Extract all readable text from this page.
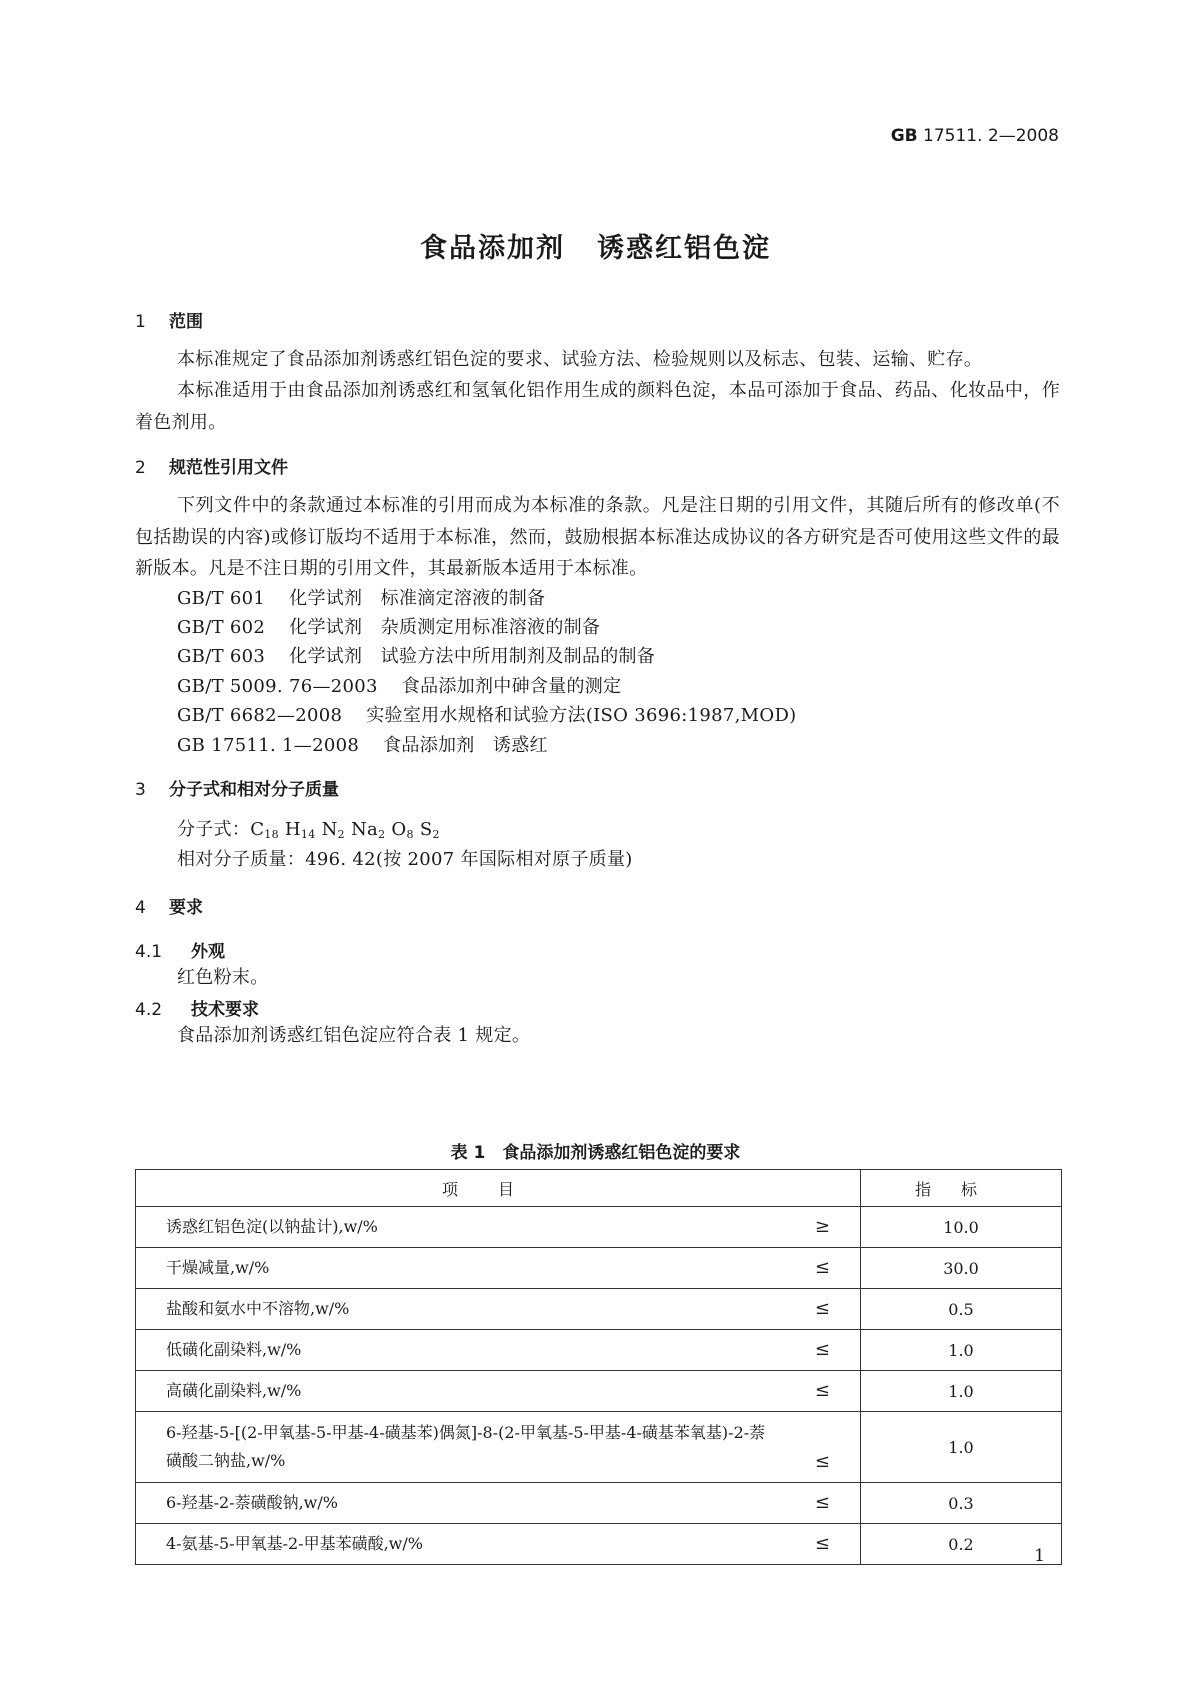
GB 17511. 2—2008
食品添加剂 诱惑红铝色淀
1 范围
本标准规定了食品添加剂诱惑红铝色淀的要求、试验方法、检验规则以及标志、包装、运输、贮存。
本标准适用于由食品添加剂诱惑红和氢氧化铝作用生成的颜料色淀，本品可添加于食品、药品、化妆品中，作着色剂用。
2 规范性引用文件
下列文件中的条款通过本标准的引用而成为本标准的条款。凡是注日期的引用文件，其随后所有的修改单(不包括勘误的内容)或修订版均不适用于本标准，然而，鼓励根据本标准达成协议的各方研究是否可使用这些文件的最新版本。凡是不注日期的引用文件，其最新版本适用于本标准。
GB/T 601 化学试剂　标准滴定溶液的制备
GB/T 602 化学试剂　杂质测定用标准溶液的制备
GB/T 603 化学试剂　试验方法中所用制剂及制品的制备
GB/T 5009. 76—2003 食品添加剂中砷含量的测定
GB/T 6682—2008 实验室用水规格和试验方法(ISO 3696:1987,MOD)
GB 17511. 1—2008 食品添加剂　诱惑红
3 分子式和相对分子质量
分子式：$C_{18}$ $H_{14}$ $N_2$ $Na_2$ $O_8$ $S_2$
相对分子质量：496. 42(按 2007 年国际相对原子质量)
4 要求
4.1 外观
红色粉末。
4.2 技术要求
食品添加剂诱惑红铝色淀应符合表 1 规定。
表 1　食品添加剂诱惑红铝色淀的要求
项目	指标
诱惑红铝色淀(以钠盐计),w/% ≥	10.0
干燥减量,w/% ≤	30.0
盐酸和氨水中不溶物,w/% ≤	0.5
低磺化副染料,w/% ≤	1.0
高磺化副染料,w/% ≤	1.0
6-羟基-5-[(2-甲氧基-5-甲基-4-磺基苯)偶氮]-8-(2-甲氧基-5-甲基-4-磺基苯氧基)-2-萘磺酸二钠盐,w/% ≤	1.0
6-羟基-2-萘磺酸钠,w/% ≤	0.3
4-氨基-5-甲氧基-2-甲基苯磺酸,w/% ≤	0.2
1
